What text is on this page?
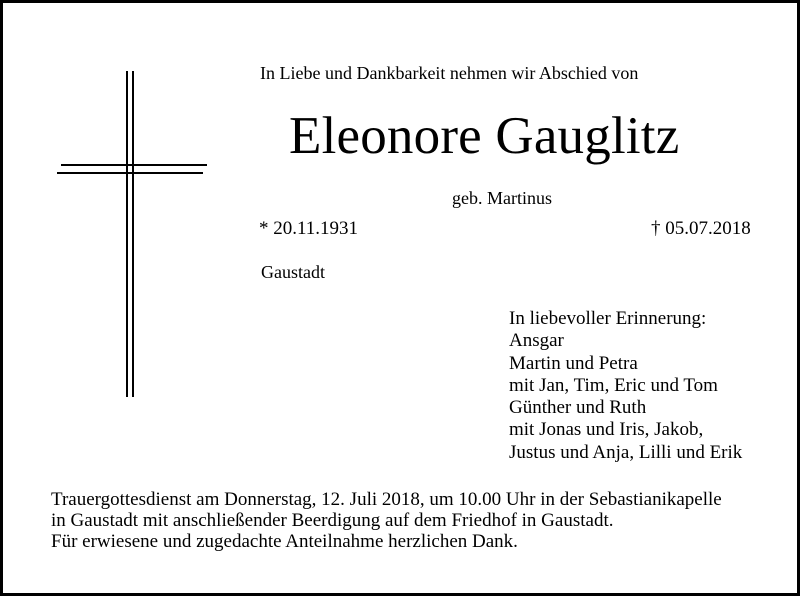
In Liebe und Dankbarkeit nehmen wir Abschied von
Eleonore Gauglitz
geb. Martinus
* 20.11.1931	† 05.07.2018
Gaustadt
In liebevoller Erinnerung:
Ansgar
Martin und Petra
mit Jan, Tim, Eric und Tom
Günther und Ruth
mit Jonas und Iris, Jakob,
Justus und Anja, Lilli und Erik
Trauergottesdienst am Donnerstag, 12. Juli 2018, um 10.00 Uhr in der Sebastianikapelle
in Gaustadt mit anschließender Beerdigung auf dem Friedhof in Gaustadt.
Für erwiesene und zugedachte Anteilnahme herzlichen Dank.
